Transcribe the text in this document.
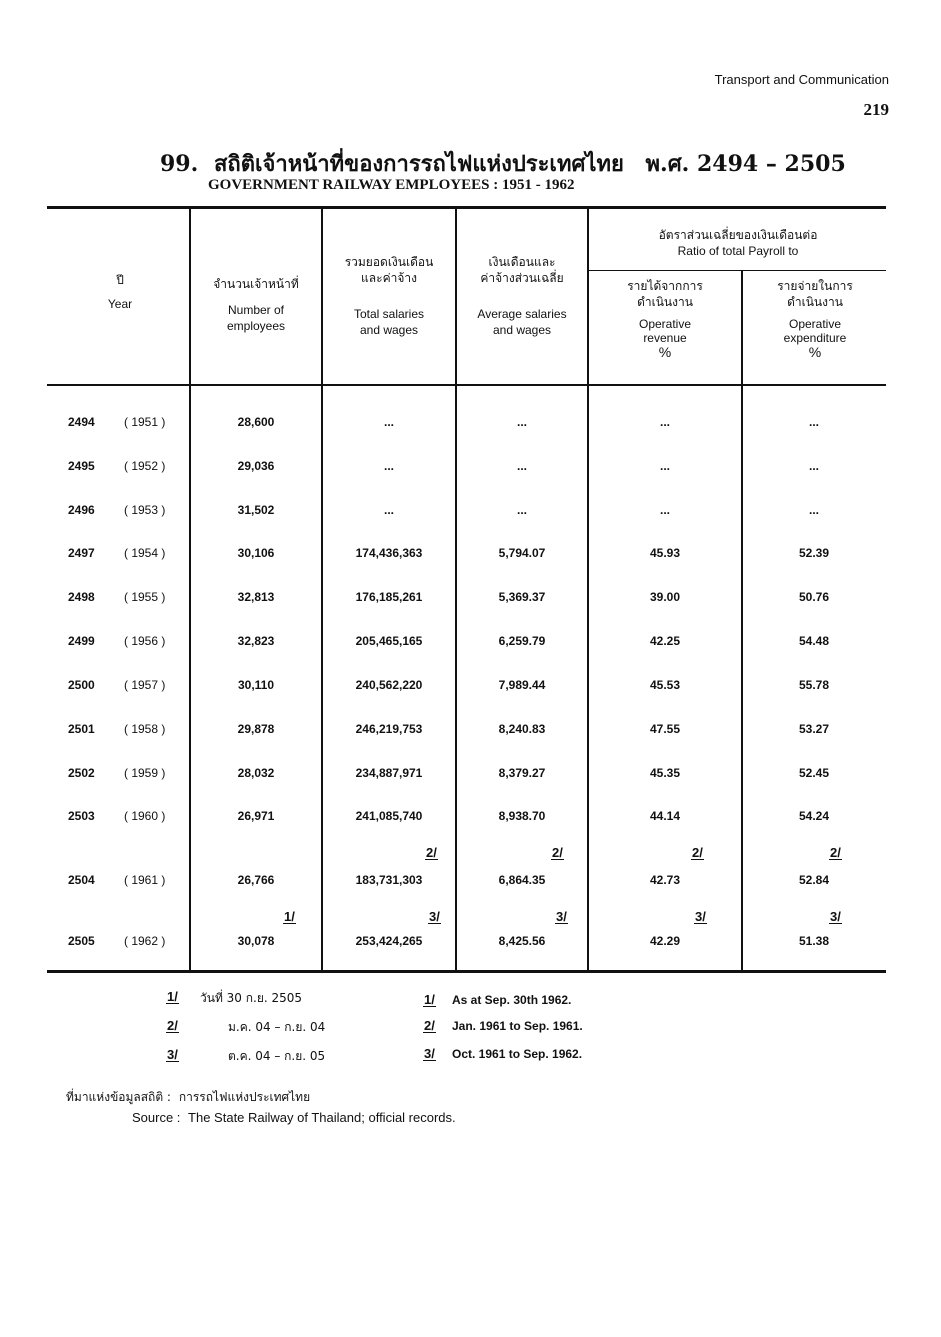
Transport and Communication
219
99. สถิติเจ้าหน้าที่ของการรถไฟแห่งประเทศไทย พ.ศ. 2494 – 2505
GOVERNMENT RAILWAY EMPLOYEES : 1951 - 1962
ปี
Year
จำนวนเจ้าหน้าที่
Number of
employees
รวมยอดเงินเดือน
และค่าจ้าง
Total salaries
and wages
เงินเดือนและ
ค่าจ้างส่วนเฉลี่ย
Average salaries
and wages
อัตราส่วนเฉลี่ยของเงินเดือนต่อ
Ratio of total Payroll to
รายได้จากการ
ดำเนินงาน
Operative
revenue
%
รายจ่ายในการ
ดำเนินงาน
Operative
expenditure
%
2494	( 1951 )	28,600	...	...	...	...
2495	( 1952 )	29,036	...	...	...	...
2496	( 1953 )	31,502	...	...	...	...
2497	( 1954 )	30,106	174,436,363	5,794.07	45.93	52.39
2498	( 1955 )	32,813	176,185,261	5,369.37	39.00	50.76
2499	( 1956 )	32,823	205,465,165	6,259.79	42.25	54.48
2500	( 1957 )	30,110	240,562,220	7,989.44	45.53	55.78
2501	( 1958 )	29,878	246,219,753	8,240.83	47.55	53.27
2502	( 1959 )	28,032	234,887,971	8,379.27	45.35	52.45
2503	( 1960 )	26,971	241,085,740	8,938.70	44.14	54.24
2504	( 1961 )	26,766	183,731,303	6,864.35	42.73	52.84
2505	( 1962 )	30,078	253,424,265	8,425.56	42.29	51.38
1/
2/
3/
2/
3/
2/
3/
2/
3/
1/ วันที่ 30 ก.ย. 2505
2/	ม.ค. 04 – ก.ย. 04
3/	ต.ค. 04 – ก.ย. 05
1/ As at Sep. 30th 1962.
2/ Jan. 1961 to Sep. 1961.
3/ Oct. 1961 to Sep. 1962.
ที่มาแห่งข้อมูลสถิติ : การรถไฟแห่งประเทศไทย
Source : The State Railway of Thailand; official records.
